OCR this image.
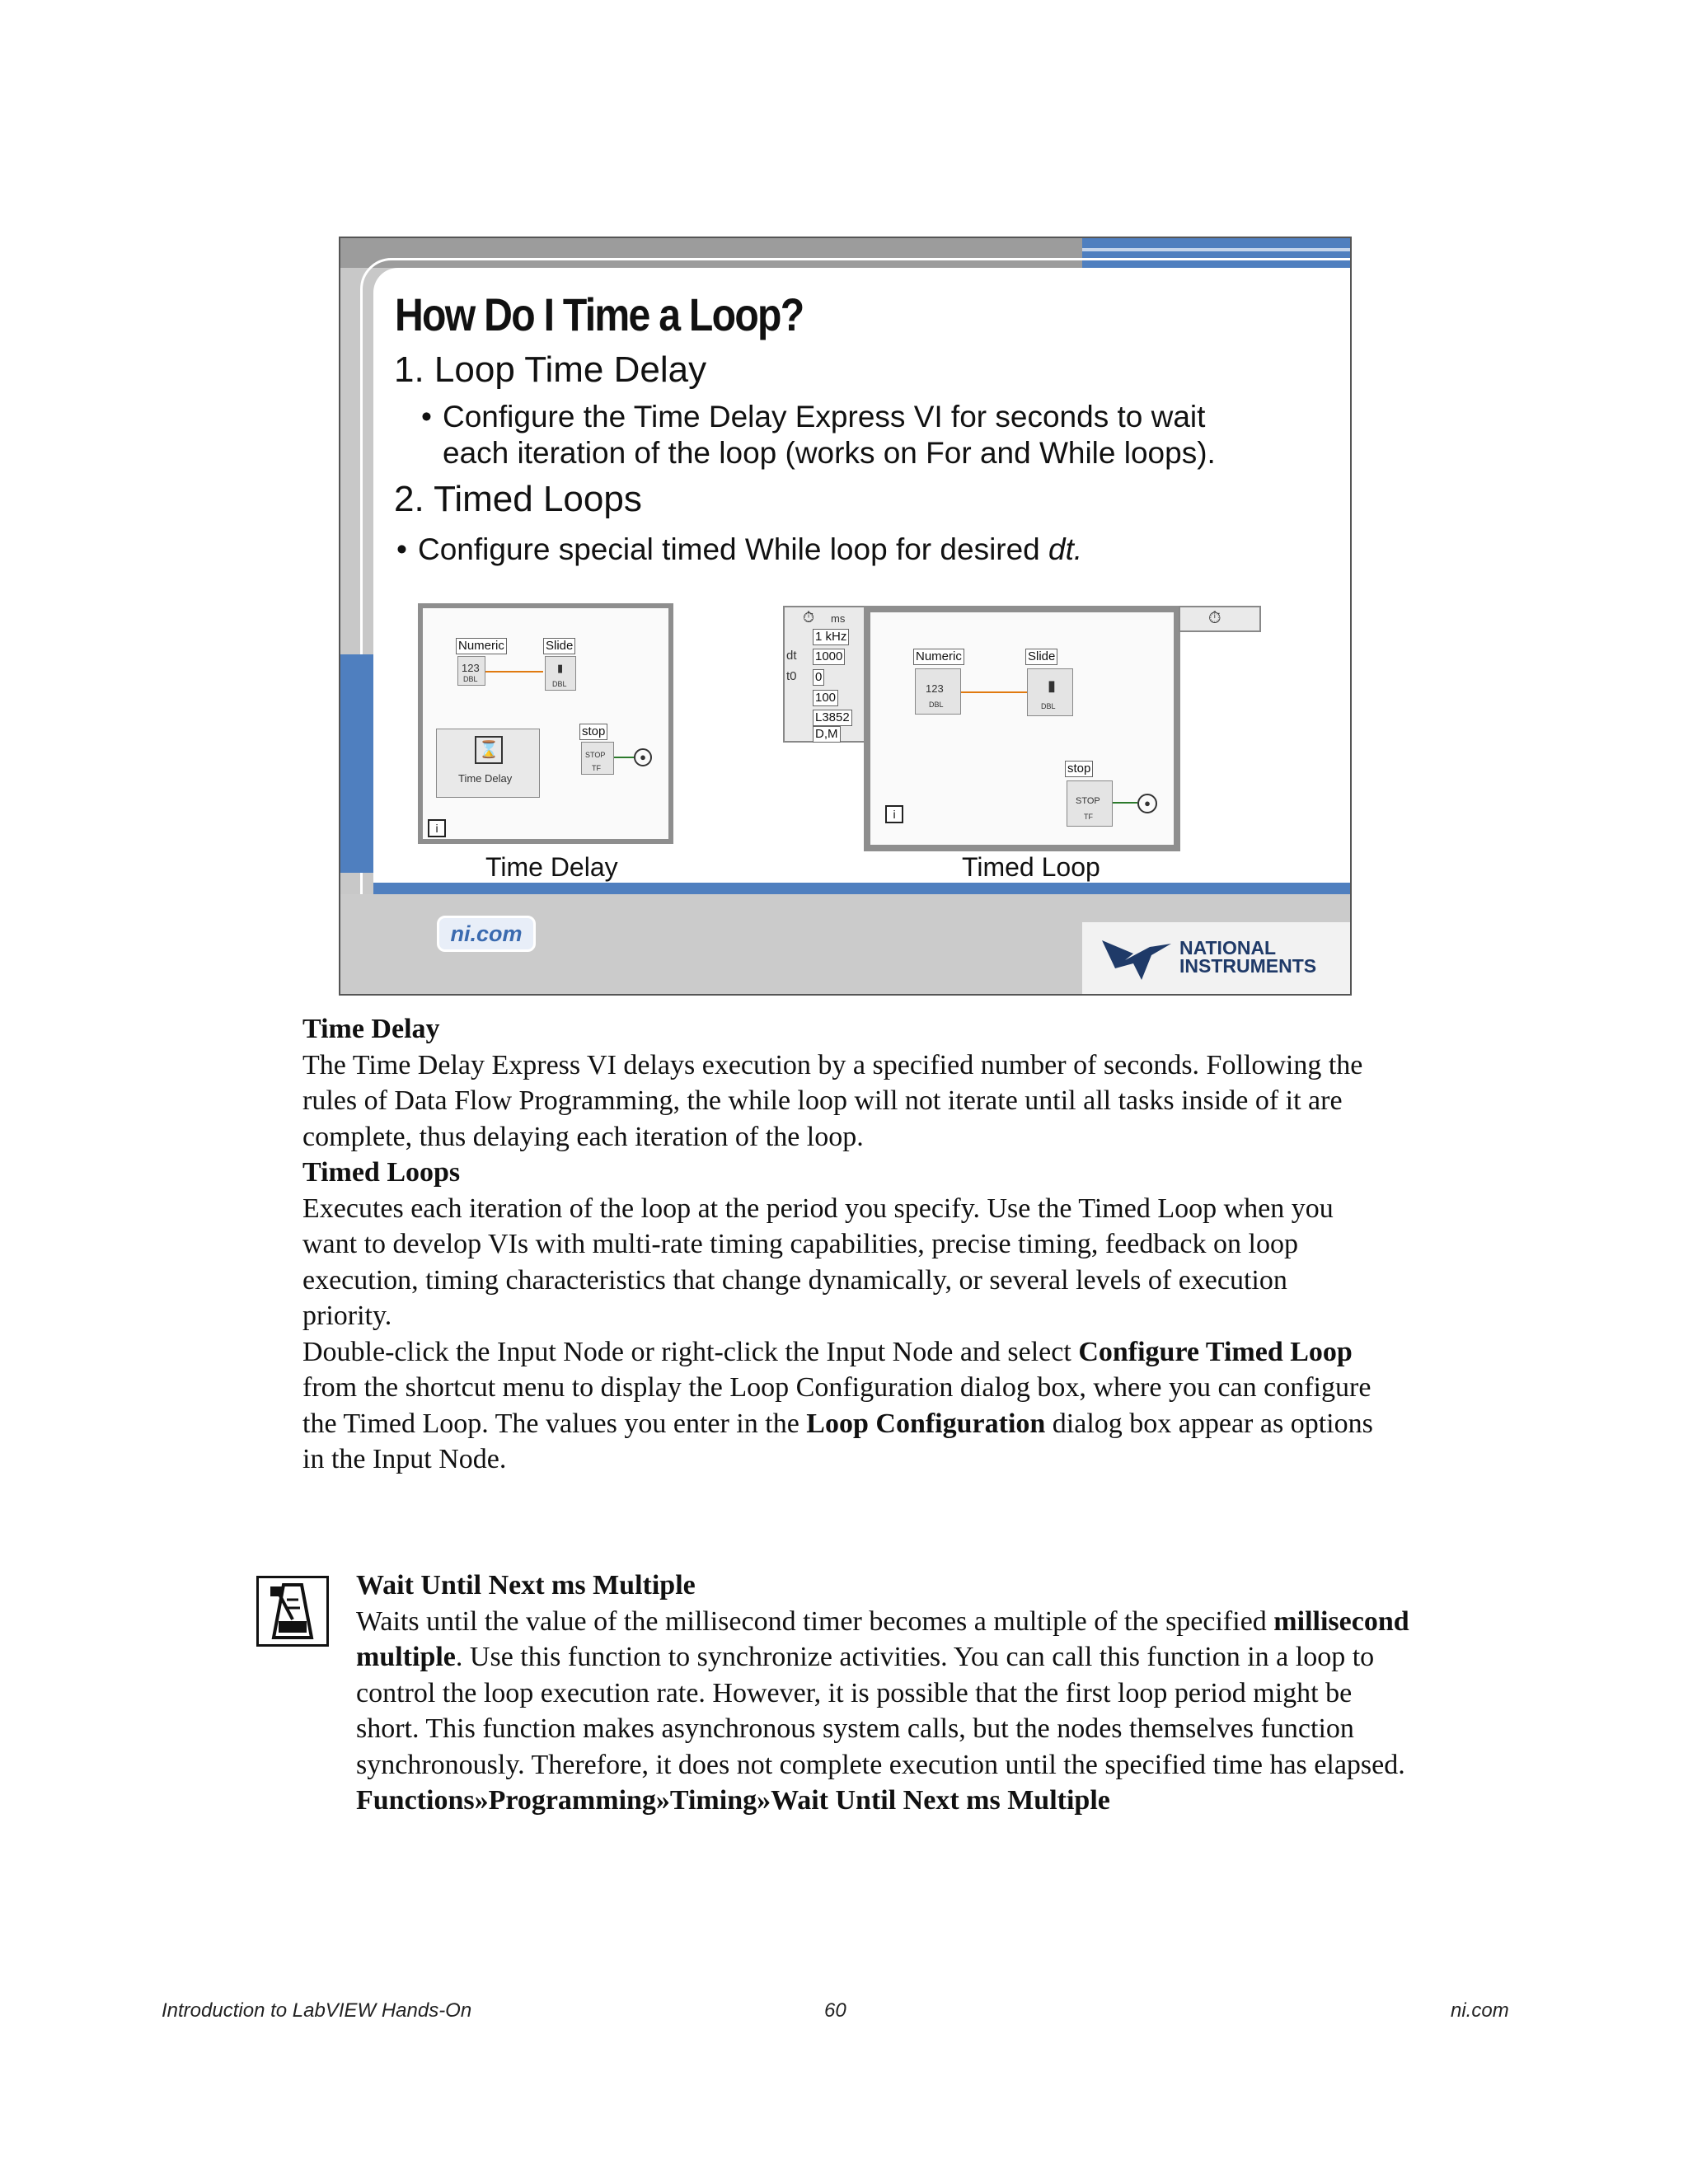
How Do I Time a Loop?
1. Loop Time Delay
• Configure the Time Delay Express VI for seconds to wait
each iteration of the loop (works on For and While loops).
2. Timed Loops
• Configure special timed While loop for desired dt.
Numeric
123
DBL
Slide
▮
DBL
⌛
Time Delay
stop
STOP
TF
●
i
Time Delay
⏱ ms
1 kHz
dt 1000
t0 0
100
L3852
D,M
Numeric
123
DBL
Slide
▮
DBL
stop
STOP
TF
●
i
⏱
Timed Loop
ni.com
NATIONAL
INSTRUMENTS
Time Delay
The Time Delay Express VI delays execution by a specified number of seconds. Following the rules of Data Flow Programming, the while loop will not iterate until all tasks inside of it are complete, thus delaying each iteration of the loop.
Timed Loops
Executes each iteration of the loop at the period you specify. Use the Timed Loop when you want to develop VIs with multi-rate timing capabilities, precise timing, feedback on loop execution, timing characteristics that change dynamically, or several levels of execution priority.
Double-click the Input Node or right-click the Input Node and select Configure Timed Loop from the shortcut menu to display the Loop Configuration dialog box, where you can configure the Timed Loop. The values you enter in the Loop Configuration dialog box appear as options in the Input Node.
Wait Until Next ms Multiple
Waits until the value of the millisecond timer becomes a multiple of the specified millisecond multiple. Use this function to synchronize activities. You can call this function in a loop to control the loop execution rate. However, it is possible that the first loop period might be short. This function makes asynchronous system calls, but the nodes themselves function synchronously. Therefore, it does not complete execution until the specified time has elapsed.
Functions»Programming»Timing»Wait Until Next ms Multiple
Introduction to LabVIEW Hands-On	60	ni.com
